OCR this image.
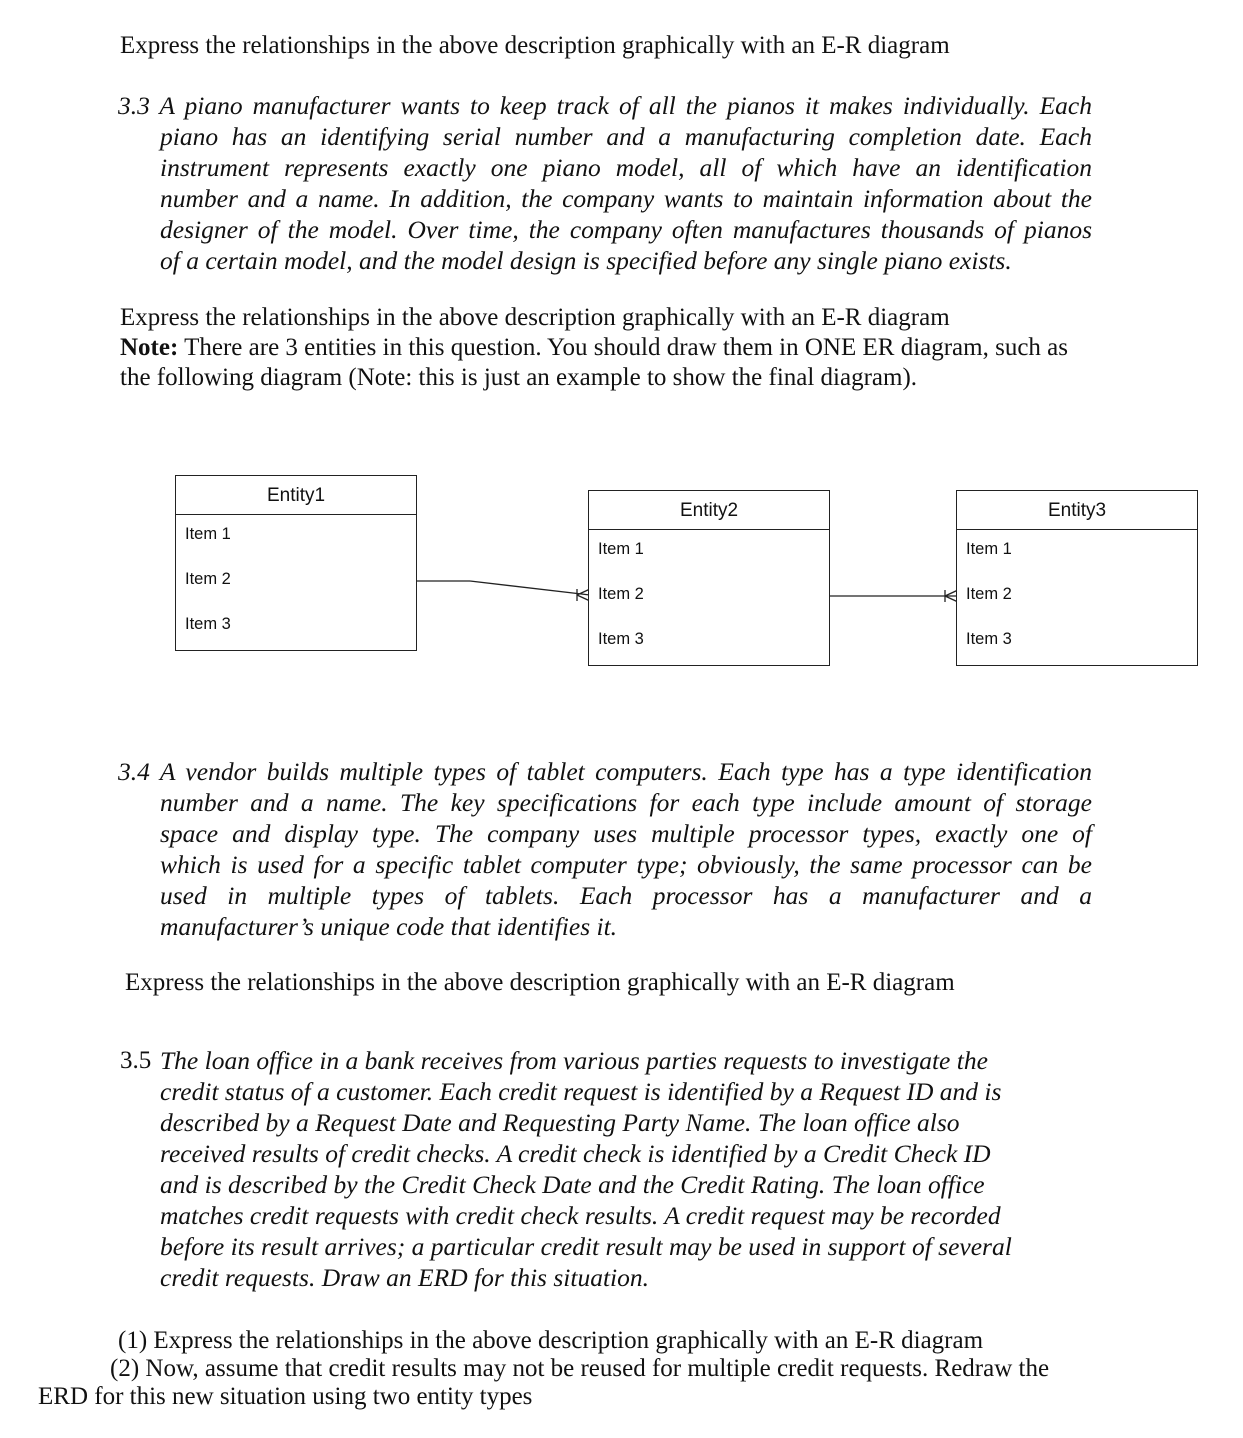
Express the relationships in the above description graphically with an E-R diagram
3.3 A piano manufacturer wants to keep track of all the pianos it makes individually. Each
piano has an identifying serial number and a manufacturing completion date. Each
instrument represents exactly one piano model, all of which have an identification
number and a name. In addition, the company wants to maintain information about the
designer of the model. Over time, the company often manufactures thousands of pianos
of a certain model, and the model design is specified before any single piano exists.
Express the relationships in the above description graphically with an E-R diagram
Note: There are 3 entities in this question. You should draw them in ONE ER diagram, such as
the following diagram (Note: this is just an example to show the final diagram).
Entity1
Item 1
Item 2
Item 3
Entity2
Item 1
Item 2
Item 3
Entity3
Item 1
Item 2
Item 3
3.4 A vendor builds multiple types of tablet computers. Each type has a type identification
number and a name. The key specifications for each type include amount of storage
space and display type. The company uses multiple processor types, exactly one of
which is used for a specific tablet computer type; obviously, the same processor can be
used in multiple types of tablets. Each processor has a manufacturer and a
manufacturer’s unique code that identifies it.
Express the relationships in the above description graphically with an E-R diagram
3.5 The loan office in a bank receives from various parties requests to investigate the
credit status of a customer. Each credit request is identified by a Request ID and is
described by a Request Date and Requesting Party Name. The loan office also
received results of credit checks. A credit check is identified by a Credit Check ID
and is described by the Credit Check Date and the Credit Rating. The loan office
matches credit requests with credit check results. A credit request may be recorded
before its result arrives; a particular credit result may be used in support of several
credit requests. Draw an ERD for this situation.
(1) Express the relationships in the above description graphically with an E-R diagram
(2) Now, assume that credit results may not be reused for multiple credit requests. Redraw the
ERD for this new situation using two entity types
